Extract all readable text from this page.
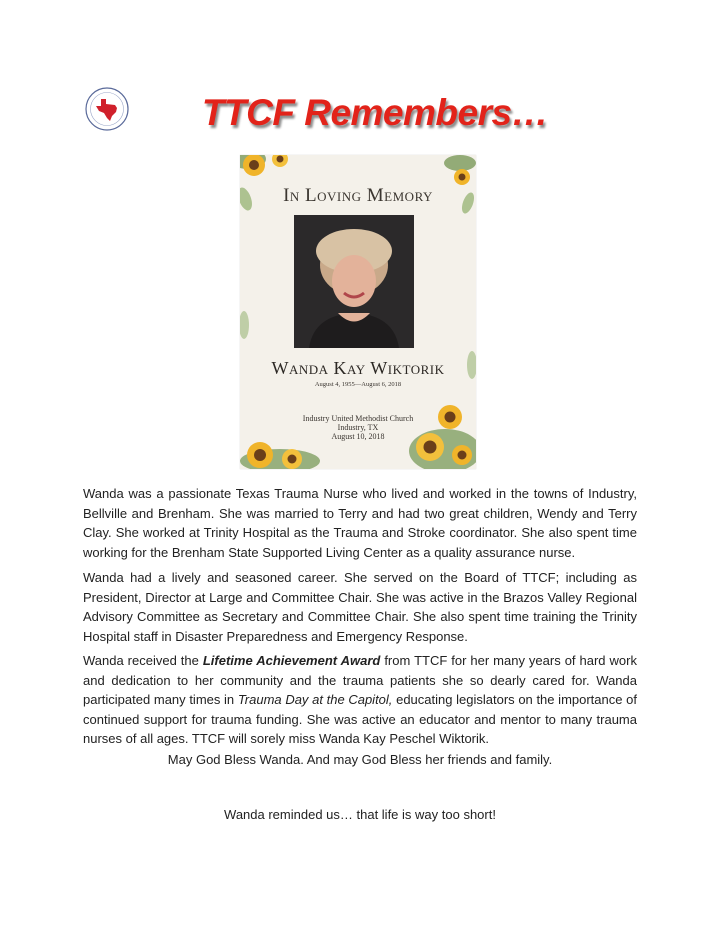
TTCF Remembers…
In Loving Memory
Wanda Kay Wiktorik
August 4, 1955—August 6, 2018
Industry United Methodist Church
Industry, TX
August 10, 2018
Wanda was a passionate Texas Trauma Nurse who lived and worked in the towns of Industry, Bellville and Brenham. She was married to Terry and had two great children, Wendy and Terry Clay. She worked at Trinity Hospital as the Trauma and Stroke coordinator. She also spent time working for the Brenham State Supported Living Center as a quality assurance nurse.
Wanda had a lively and seasoned career. She served on the Board of TTCF; including as President, Director at Large and Committee Chair. She was active in the Brazos Valley Regional Advisory Committee as Secretary and Committee Chair. She also spent time training the Trinity Hospital staff in Disaster Preparedness and Emergency Response.
Wanda received the Lifetime Achievement Award from TTCF for her many years of hard work and dedication to her community and the trauma patients she so dearly cared for. Wanda participated many times in Trauma Day at the Capitol, educating legislators on the importance of continued support for trauma funding. She was active an educator and mentor to many trauma nurses of all ages. TTCF will sorely miss Wanda Kay Peschel Wiktorik.
May God Bless Wanda. And may God Bless her friends and family.
Wanda reminded us… that life is way too short!
